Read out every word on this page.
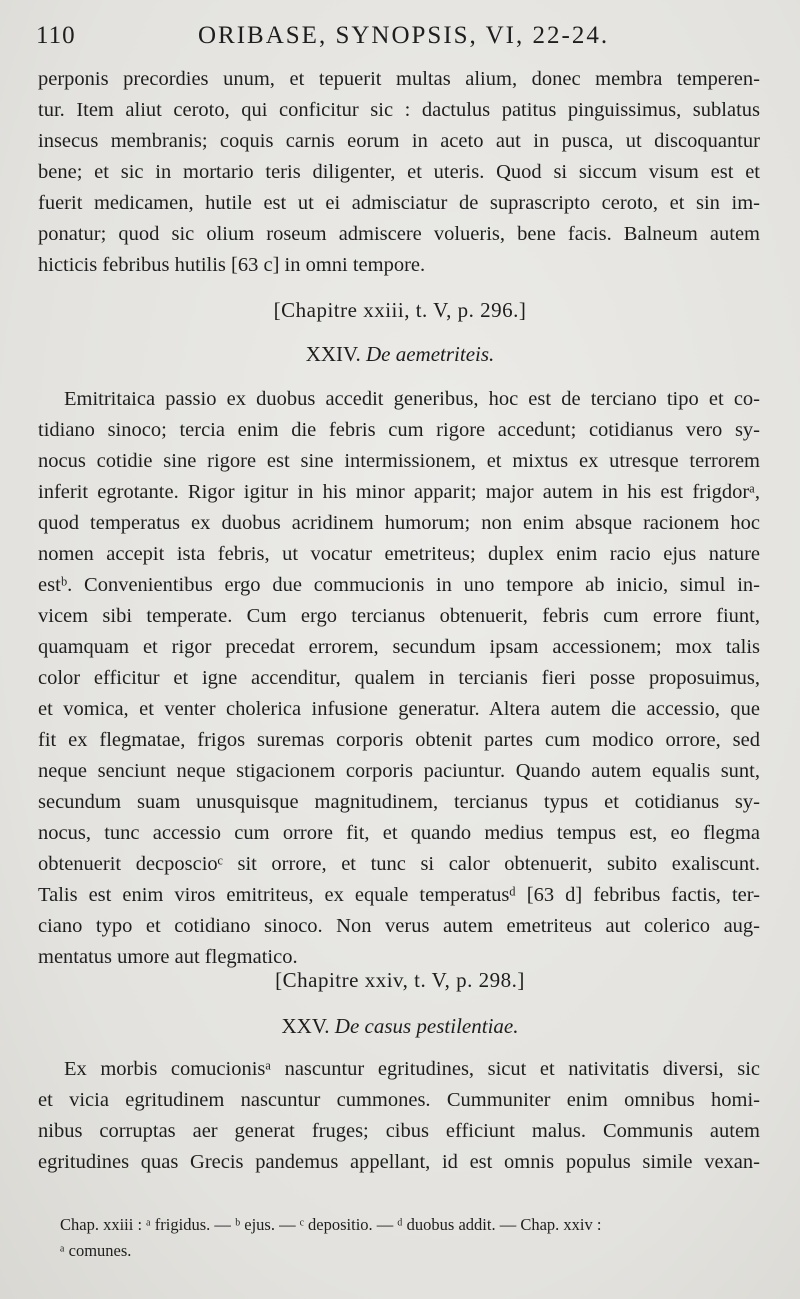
110	ORIBASE, SYNOPSIS, VI, 22-24.
perponis precordies unum, et tepuerit multas alium, donec membra temperen-
tur. Item aliut ceroto, qui conficitur sic : dactulus patitus pinguissimus, sublatus
insecus membranis; coquis carnis eorum in aceto aut in pusca, ut discoquantur
bene; et sic in mortario teris diligenter, et uteris. Quod si siccum visum est et
fuerit medicamen, hutile est ut ei admisciatur de suprascripto ceroto, et sin im-
ponatur; quod sic olium roseum admiscere volueris, bene facis. Balneum autem
hicticis febribus hutilis [63 c] in omni tempore.
[Chapitre xxiii, t. V, p. 296.]
XXIV. De aemetriteis.
Emitritaica passio ex duobus accedit generibus, hoc est de terciano tipo et co-
tidiano sinoco; tercia enim die febris cum rigore accedunt; cotidianus vero sy-
nocus cotidie sine rigore est sine intermissionem, et mixtus ex utresque terrorem
inferit egrotante. Rigor igitur in his minor apparit; major autem in his est frigdorᵃ,
quod temperatus ex duobus acridinem humorum; non enim absque racionem hoc
nomen accepit ista febris, ut vocatur emetriteus; duplex enim racio ejus nature
estᵇ. Convenientibus ergo due commucionis in uno tempore ab inicio, simul in-
vicem sibi temperate. Cum ergo tercianus obtenuerit, febris cum errore fiunt,
quamquam et rigor precedat errorem, secundum ipsam accessionem; mox talis
color efficitur et igne accenditur, qualem in tercianis fieri posse proposuimus,
et vomica, et venter cholerica infusione generatur. Altera autem die accessio, que
fit ex flegmatae, frigos suremas corporis obtenit partes cum modico orrore, sed
neque senciunt neque stigacionem corporis paciuntur. Quando autem equalis sunt,
secundum suam unusquisque magnitudinem, tercianus typus et cotidianus sy-
nocus, tunc accessio cum orrore fit, et quando medius tempus est, eo flegma
obtenuerit decposcioᶜ sit orrore, et tunc si calor obtenuerit, subito exaliscunt.
Talis est enim viros emitriteus, ex equale temperatusᵈ [63 d] febribus factis, ter-
ciano typo et cotidiano sinoco. Non verus autem emetriteus aut colerico aug-
mentatus umore aut flegmatico.
[Chapitre xxiv, t. V, p. 298.]
XXV. De casus pestilentiae.
Ex morbis comucionisᵃ nascuntur egritudines, sicut et nativitatis diversi, sic
et vicia egritudinem nascuntur cummones. Cummuniter enim omnibus homi-
nibus corruptas aer generat fruges; cibus efficiunt malus. Communis autem
egritudines quas Grecis pandemus appellant, id est omnis populus simile vexan-
Chap. xxiii : ᵃ frigidus. — ᵇ ejus. — ᶜ depositio. — ᵈ duobus addit. — Chap. xxiv :
ᵃ comunes.
